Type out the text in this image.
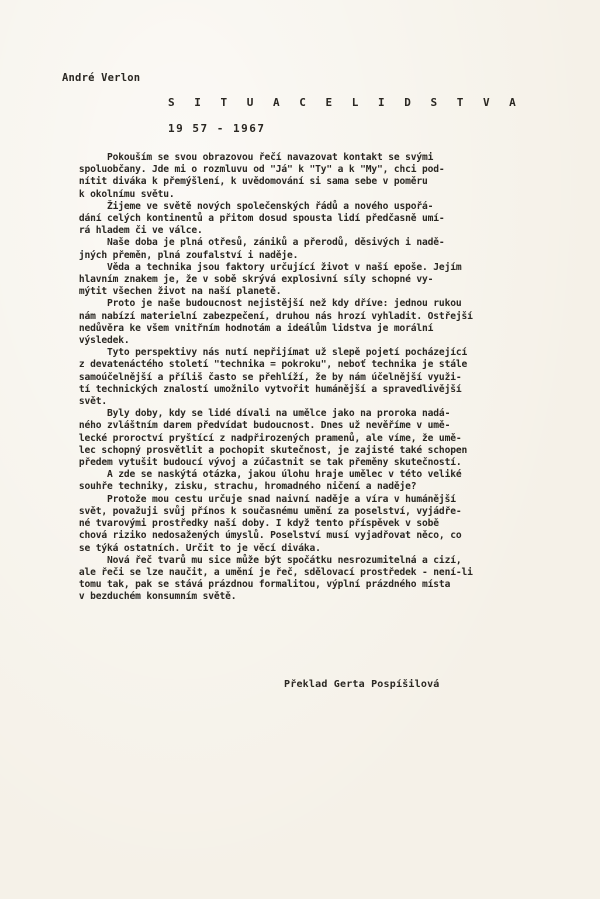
André Verlon
S I T U A C E L I D S T V A
19 57 - 1967
Pokouším se svou obrazovou řečí navazovat kontakt se svými
spoluobčany. Jde mi o rozmluvu od "Já" k "Ty" a k "My", chci pod-
nítit diváka k přemýšlení, k uvědomování si sama sebe v poměru
k okolnímu světu.
Žijeme ve světě nových společenských řádů a nového uspořá-
dání celých kontinentů a přitom dosud spousta lidí předčasně umí-
rá hladem či ve válce.
Naše doba je plná otřesů, zániků a přerodů, děsivých i nadě-
jných přeměn, plná zoufalství i naděje.
Věda a technika jsou faktory určující život v naší epoše. Jejím
hlavním znakem je, že v sobě skrývá explosivní síly schopné vy-
mýtit všechen život na naší planetě.
Proto je naše budoucnost nejistější než kdy dříve: jednou rukou
nám nabízí materielní zabezpečení, druhou nás hrozí vyhladit. Ostřejší
nedůvěra ke všem vnitřním hodnotám a ideálům lidstva je morální
výsledek.
Tyto perspektivy nás nutí nepřijímat už slepě pojetí pocházející
z devatenáctého století "technika = pokroku", neboť technika je stále
samoúčelnější a příliš často se přehlíží, že by nám účelnější využi-
tí technických znalostí umožnilo vytvořit humánější a spravedlivější
svět.
Byly doby, kdy se lidé dívali na umělce jako na proroka nadá-
ného zvláštním darem předvídat budoucnost. Dnes už nevěříme v umě-
lecké proroctví pryštící z nadpřirozených pramenů, ale víme, že umě-
lec schopný prosvětlit a pochopit skutečnost, je zajisté také schopen
předem vytušit budoucí vývoj a zúčastnit se tak přeměny skutečností.
A zde se naskýtá otázka, jakou úlohu hraje umělec v této veliké
souhře techniky, zisku, strachu, hromadného ničení a naděje?
Protože mou cestu určuje snad naivní naděje a víra v humánější
svět, považuji svůj přínos k současnému umění za poselství, vyjádře-
né tvarovými prostředky naší doby. I když tento příspěvek v sobě
chová riziko nedosažených úmyslů. Poselství musí vyjadřovat něco, co
se týká ostatních. Určit to je věcí diváka.
Nová řeč tvarů mu sice může být spočátku nesrozumitelná a cizí,
ale řeči se lze naučit, a umění je řeč, sdělovací prostředek - není-li
tomu tak, pak se stává prázdnou formalitou, výplní prázdného místa
v bezduchém konsumním světě.
Překlad Gerta Pospíšilová
